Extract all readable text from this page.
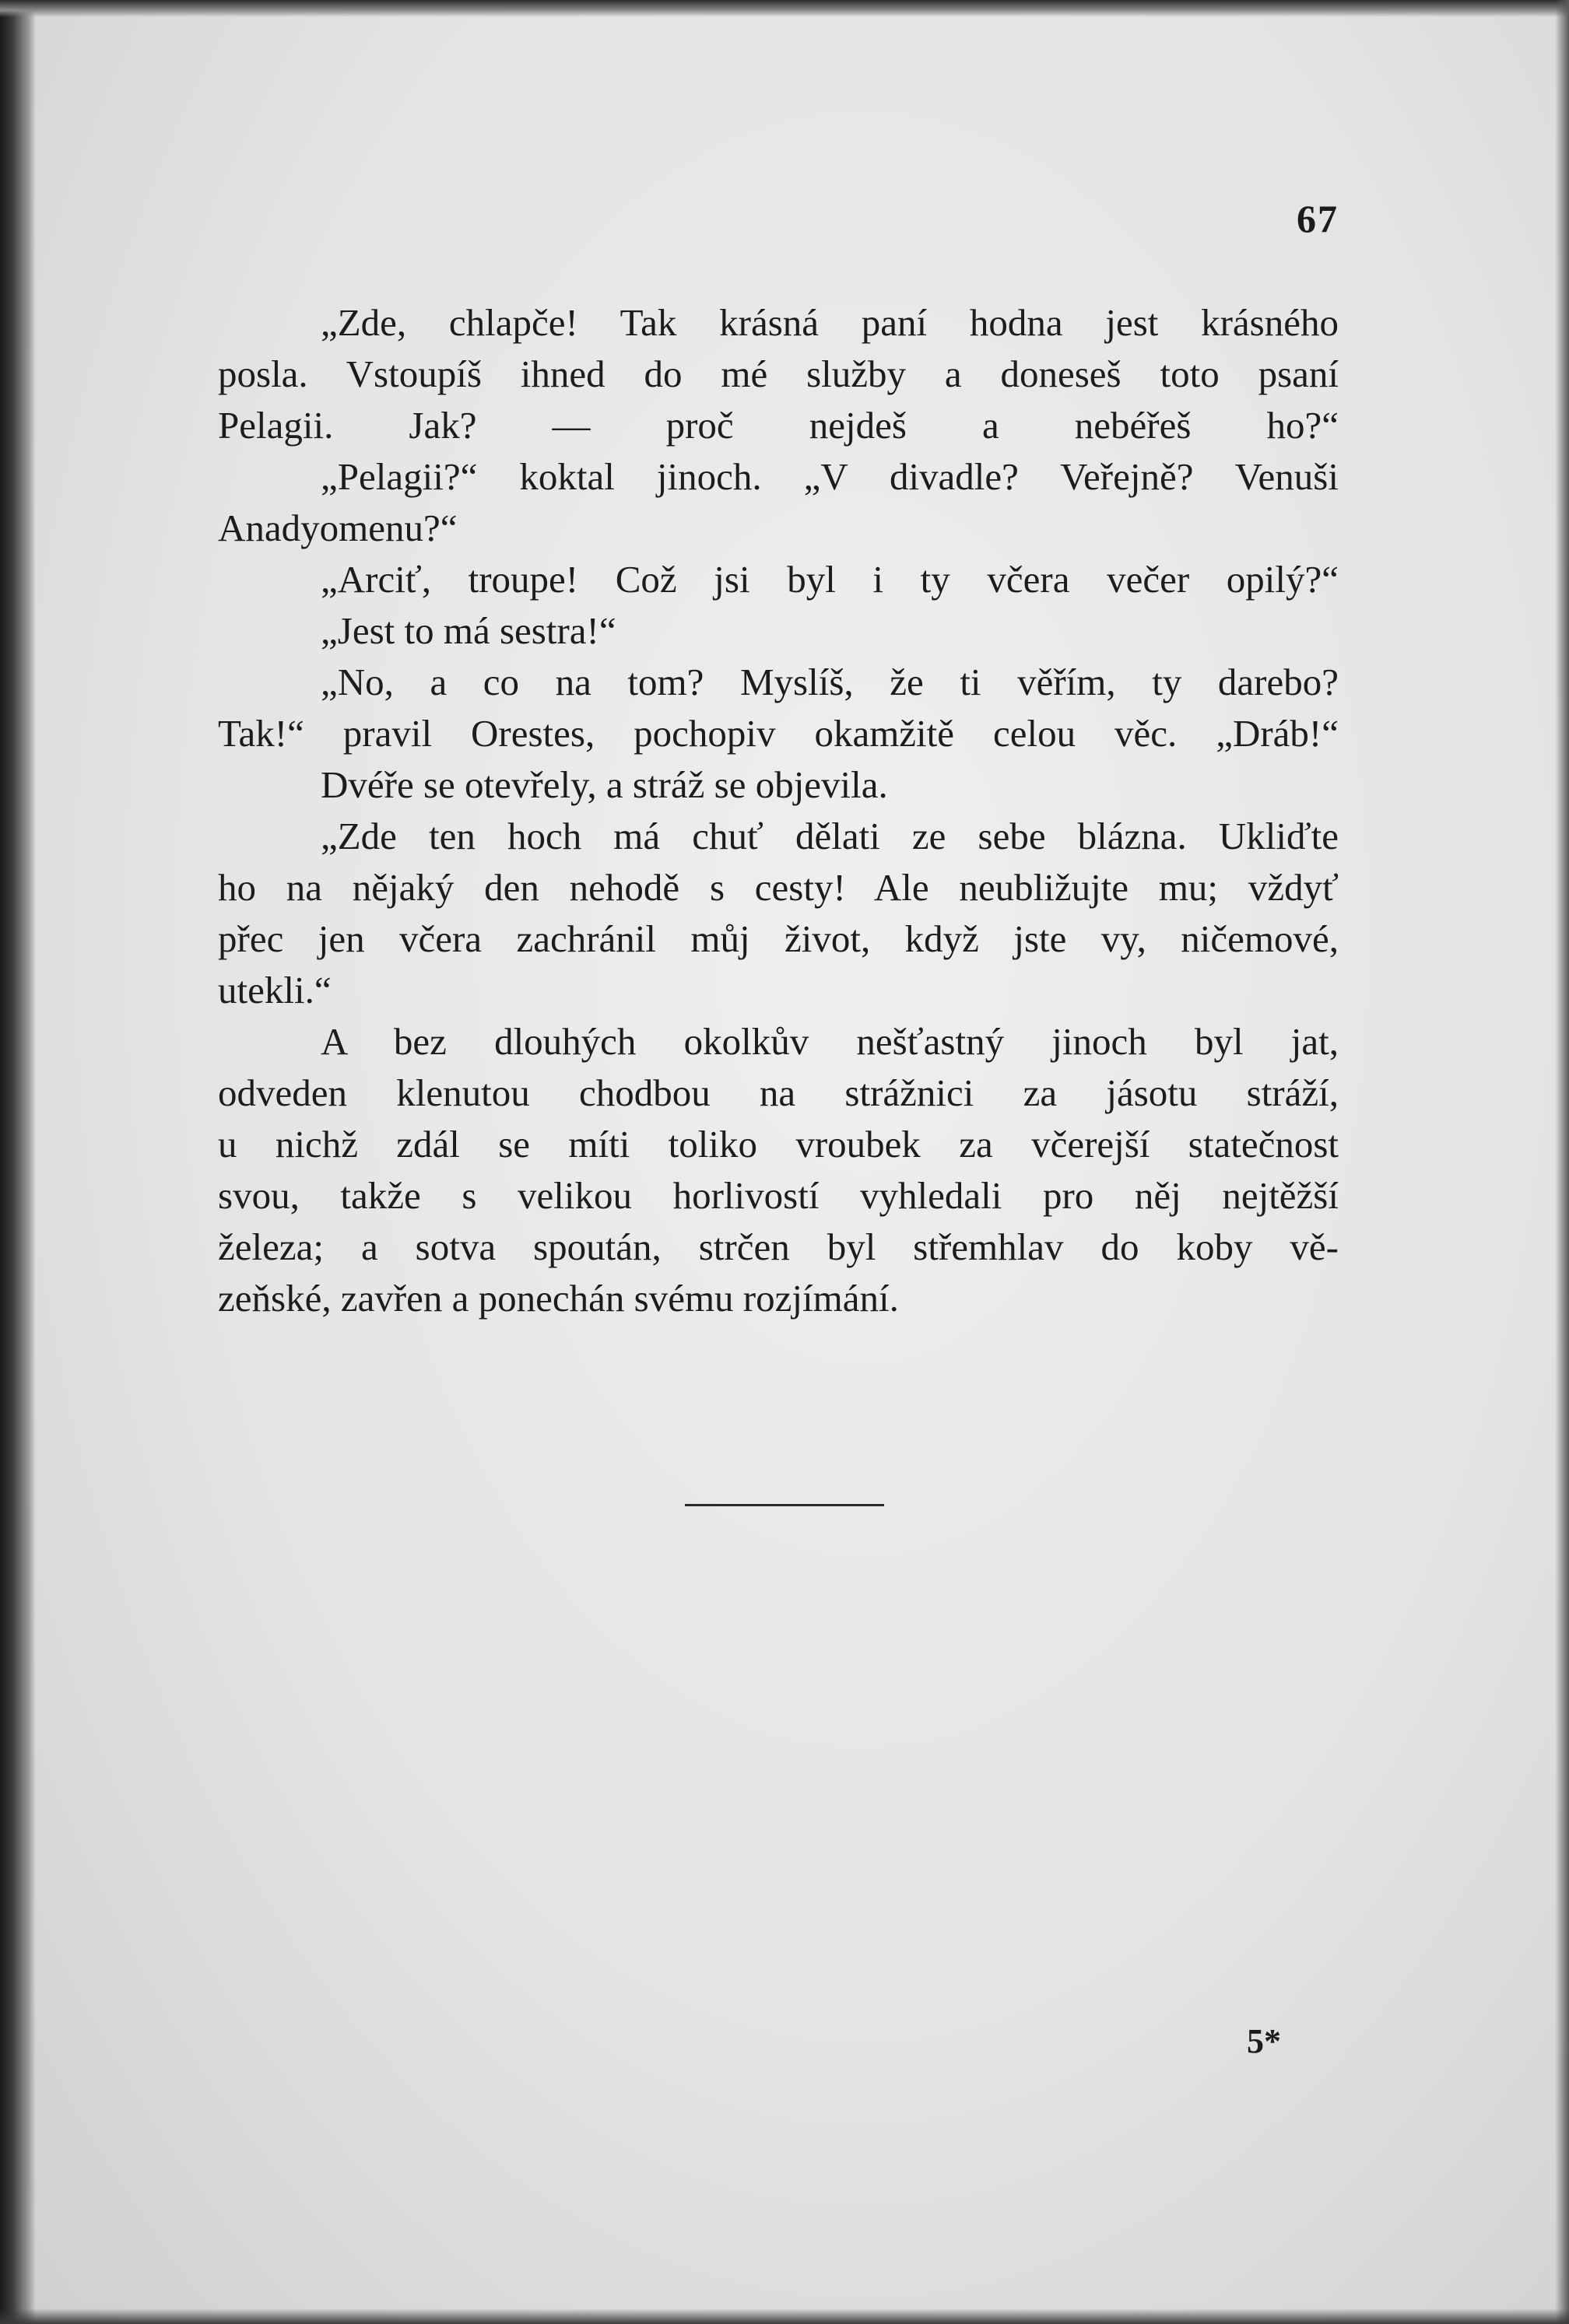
67
„Zde, chlapče! Tak krásná paní hodna jest krásného
posla. Vstoupíš ihned do mé služby a doneseš toto psaní
Pelagii. Jak? — proč nejdeš a nebéřeš ho?“
„Pelagii?“ koktal jinoch. „V divadle? Veřejně? Venuši
Anadyomenu?“
„Arciť, troupe! Což jsi byl i ty včera večer opilý?“
„Jest to má sestra!“
„No, a co na tom? Myslíš, že ti věřím, ty darebo?
Tak!“ pravil Orestes, pochopiv okamžitě celou věc. „Dráb!“
Dvéře se otevřely, a stráž se objevila.
„Zde ten hoch má chuť dělati ze sebe blázna. Ukliďte
ho na nějaký den nehodě s cesty! Ale neubližujte mu; vždyť
přec jen včera zachránil můj život, když jste vy, ničemové,
utekli.“
A bez dlouhých okolkův nešťastný jinoch byl jat,
odveden klenutou chodbou na strážnici za jásotu stráží,
u nichž zdál se míti toliko vroubek za včerejší statečnost
svou, takže s velikou horlivostí vyhledali pro něj nejtěžší
železa; a sotva spoután, strčen byl střemhlav do koby vě-
zeňské, zavřen a ponechán svému rozjímání.
5*
